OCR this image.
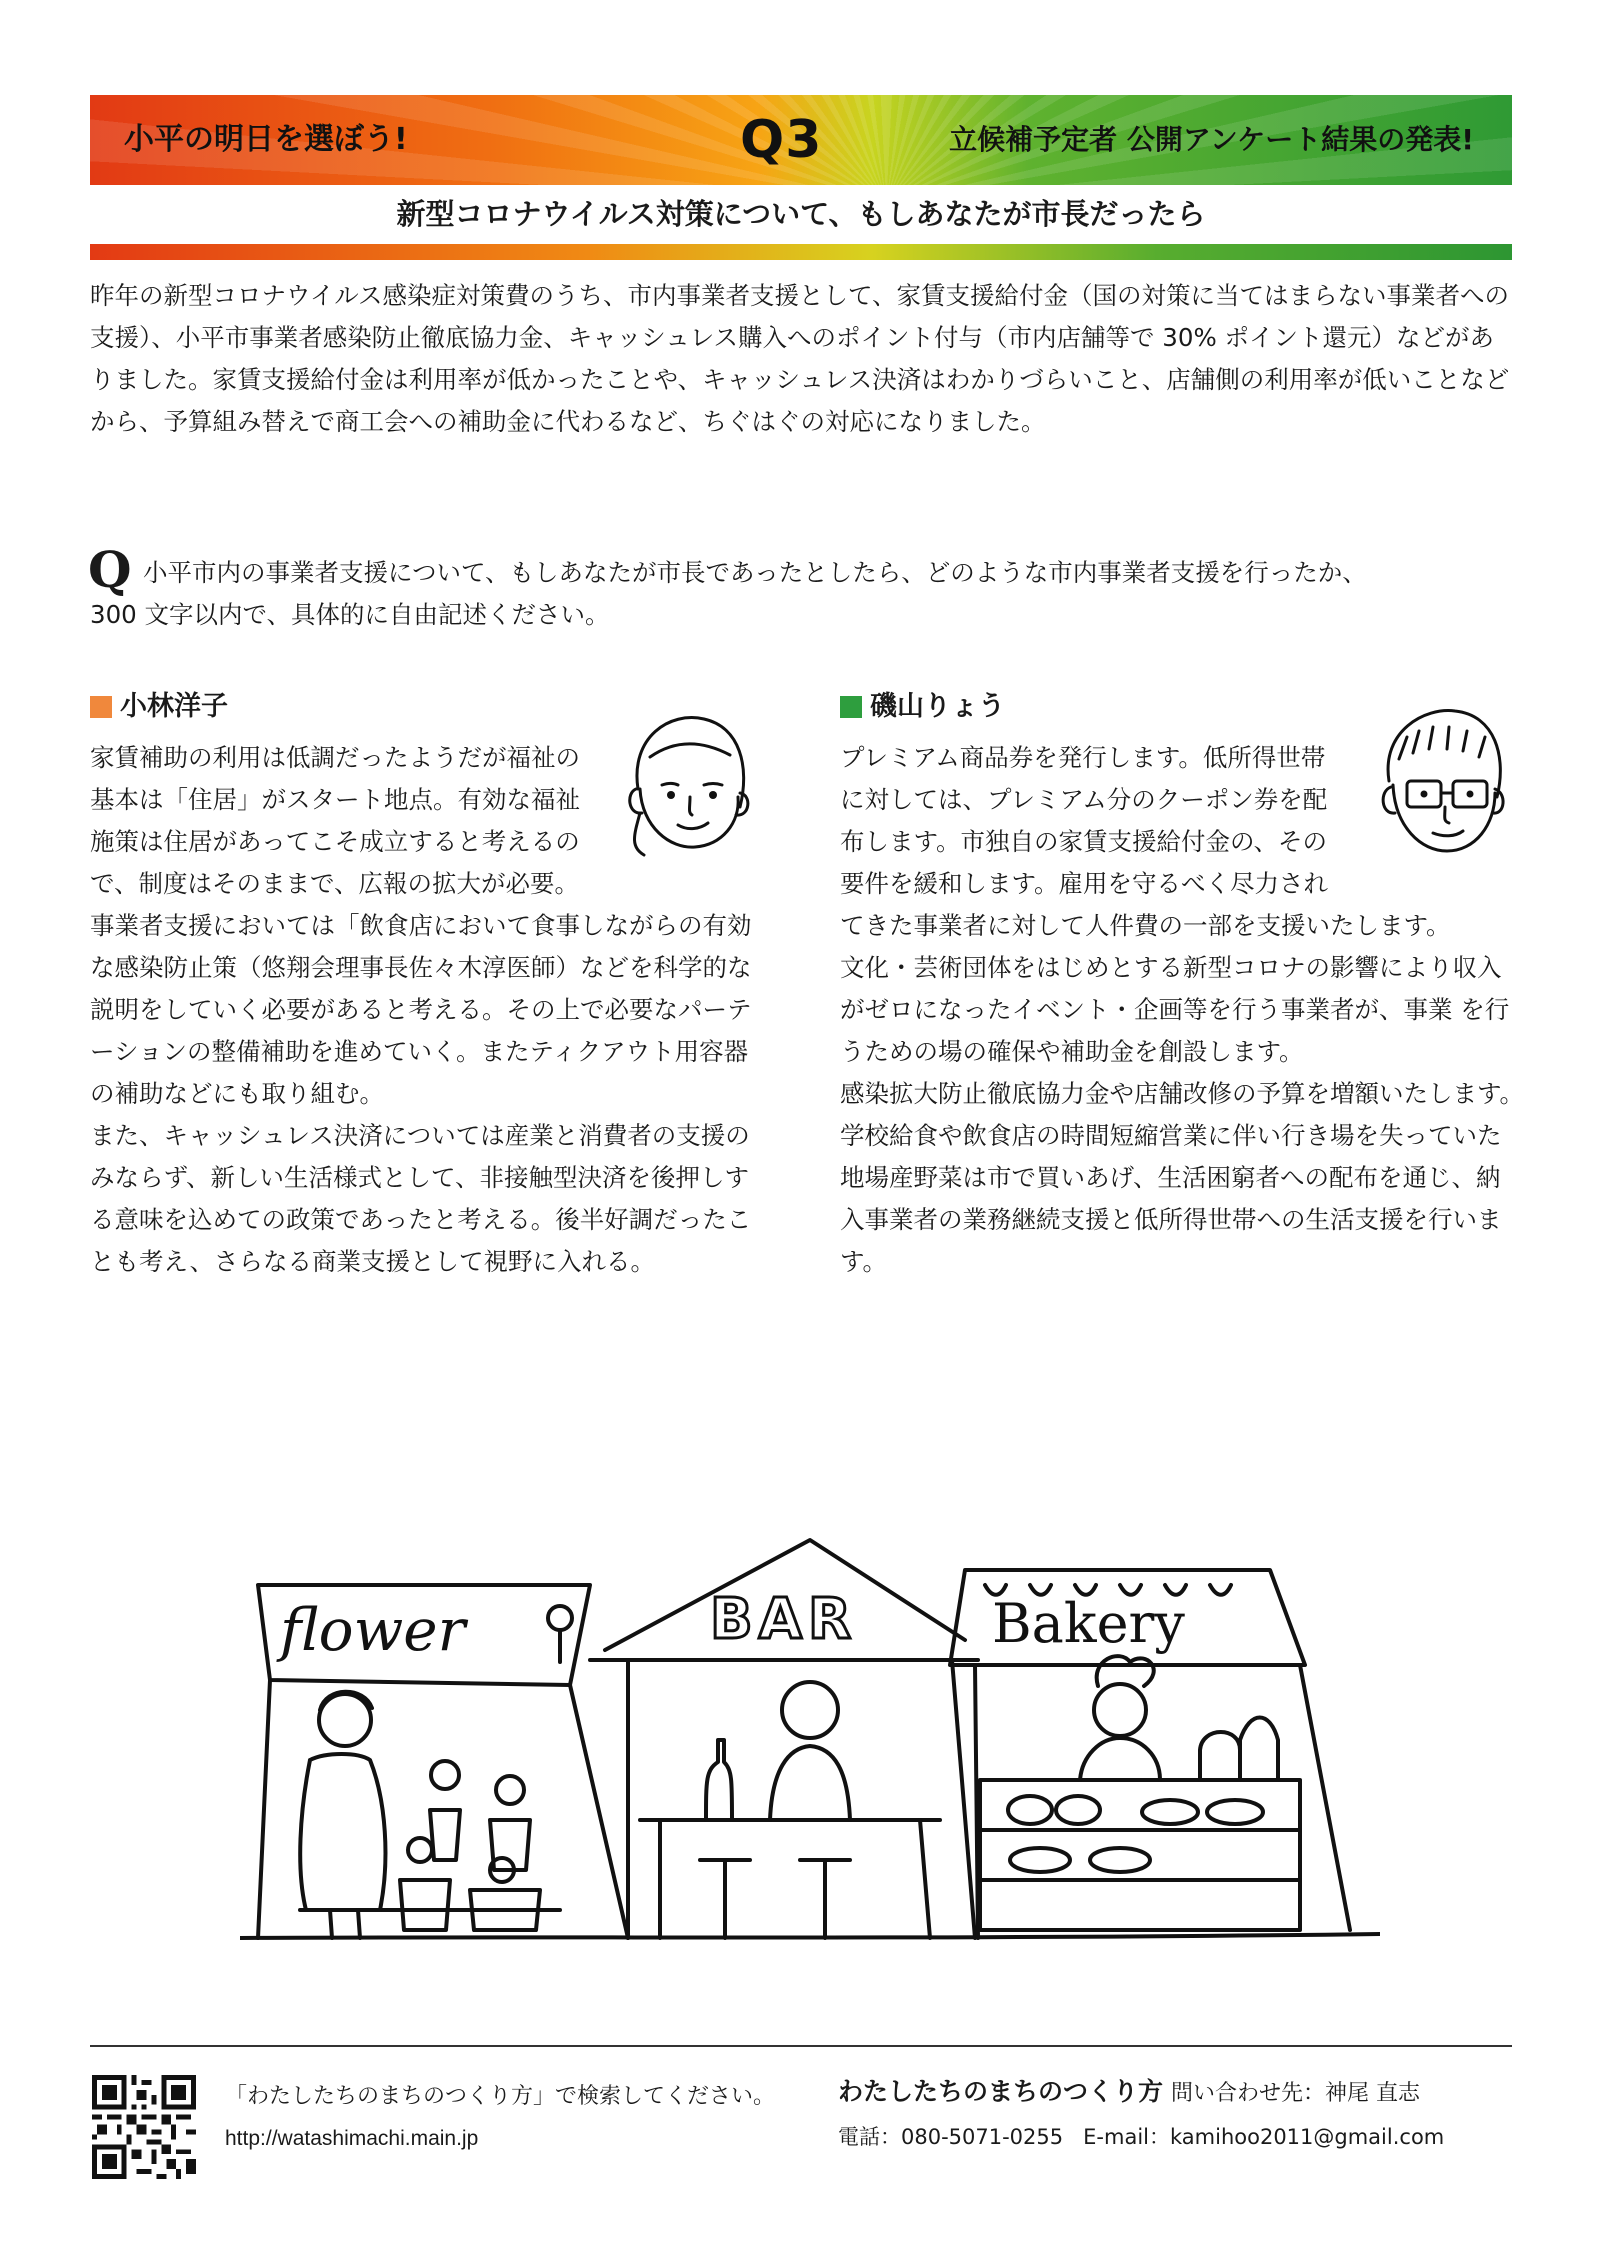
小平の明日を選ぼう!	Q3	立候補予定者 公開アンケート結果の発表!
新型コロナウイルス対策について、もしあなたが市長だったら

昨年の新型コロナウイルス感染症対策費のうち、市内事業者支援として、家賃支援給付金（国の対策に当てはまらない事業者への支援）、小平市事業者感染防止徹底協力金、キャッシュレス購入へのポイント付与（市内店舗等で 30% ポイント還元）などがありました。家賃支援給付金は利用率が低かったことや、キャッシュレス決済はわかりづらいこと、店舗側の利用率が低いことなどから、予算組み替えで商工会への補助金に代わるなど、ちぐはぐの対応になりました。

Q 小平市内の事業者支援について、もしあなたが市長であったとしたら、どのような市内事業者支援を行ったか、

300 文字以内で、具体的に自由記述ください。

小林洋子

家賃補助の利用は低調だったようだが福祉の基本は「住居」がスタート地点。有効な福祉施策は住居があってこそ成立すると考えるので、制度はそのままで、広報の拡大が必要。

事業者支援においては「飲食店において食事しながらの有効な感染防止策（悠翔会理事長佐々木淳医師）などを科学的な説明をしていく必要があると考える。その上で必要なパーテーションの整備補助を進めていく。またティクアウト用容器の補助などにも取り組む。

また、キャッシュレス決済については産業と消費者の支援のみならず、新しい生活様式として、非接触型決済を後押しする意味を込めての政策であったと考える。後半好調だったことも考え、さらなる商業支援として視野に入れる。

磯山りょう

プレミアム商品券を発行します。低所得世帯に対しては、プレミアム分のクーポン券を配布します。市独自の家賃支援給付金の、その要件を緩和します。雇用を守るべく尽力されてきた事業者に対して人件費の一部を支援いたします。

文化・芸術団体をはじめとする新型コロナの影響により収入がゼロになったイベント・企画等を行う事業者が、事業 を行うための場の確保や補助金を創設します。

感染拡大防止徹底協力金や店舗改修の予算を増額いたします。

学校給食や飲食店の時間短縮営業に伴い行き場を失っていた地場産野菜は市で買いあげ、生活困窮者への配布を通じ、納入事業者の業務継続支援と低所得世帯への生活支援を行います。

flower	BAR Bakery
「わたしたちのまちのつくり方」で検索してください。
http://watashimachi.main.jp
わたしたちのまちのつくり方 問い合わせ先：神尾 直志
電話：080-5071-0255 E-mail：kamihoo2011@gmail.com
